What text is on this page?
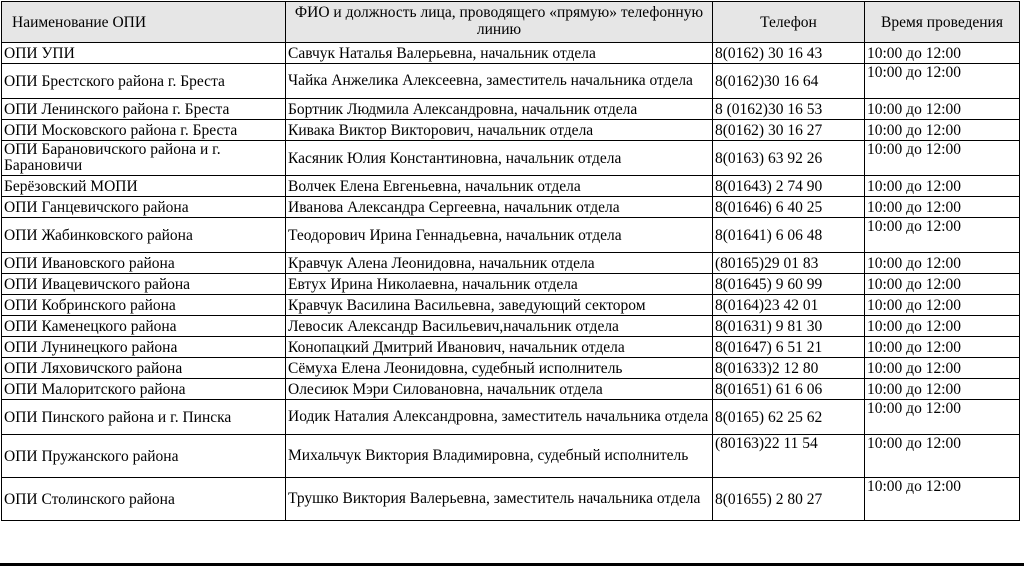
Наименование ОПИ	ФИО и должность лица, проводящего «прямую» телефонную линию	Телефон	Время проведения
ОПИ УПИ	Савчук Наталья Валерьевна, начальник отдела	8(0162) 30 16 43	10:00 до 12:00
ОПИ Брестского района г. Бреста	Чайка Анжелика Алексеевна, заместитель начальника отдела	8(0162)30 16 64	10:00 до 12:00
ОПИ Ленинского района г. Бреста	Бортник Людмила Александровна, начальник отдела	8 (0162)30 16 53	10:00 до 12:00
ОПИ Московского района г. Бреста	Кивака Виктор Викторович, начальник отдела	8(0162) 30 16 27	10:00 до 12:00
ОПИ Барановичского района и г. Барановичи	Касяник Юлия Константиновна, начальник отдела	8(0163) 63 92 26	10:00 до 12:00
Берёзовский МОПИ	Волчек Елена Евгеньевна, начальник отдела	8(01643) 2 74 90	10:00 до 12:00
ОПИ Ганцевичского района	Иванова Александра Сергеевна, начальник отдела	8(01646) 6 40 25	10:00 до 12:00
ОПИ Жабинковского района	Теодорович Ирина Геннадьевна, начальник отдела	8(01641) 6 06 48	10:00 до 12:00
ОПИ Ивановского района	Кравчук Алена Леонидовна, начальник отдела	(80165)29 01 83	10:00 до 12:00
ОПИ Ивацевичского района	Евтух Ирина Николаевна, начальник отдела	8(01645) 9 60 99	10:00 до 12:00
ОПИ Кобринского района	Кравчук Василина Васильевна, заведующий сектором	8(0164)23 42 01	10:00 до 12:00
ОПИ Каменецкого района	Левосик Александр Васильевич,начальник отдела	8(01631) 9 81 30	10:00 до 12:00
ОПИ Лунинецкого района	Конопацкий Дмитрий Иванович, начальник отдела	8(01647) 6 51 21	10:00 до 12:00
ОПИ Ляховичского района	Сёмуха Елена Леонидовна, судебный исполнитель	8(01633)2 12 80	10:00 до 12:00
ОПИ Малоритского района	Олесиюк Мэри Силовановна, начальник отдела	8(01651) 61 6 06	10:00 до 12:00
ОПИ Пинского района и г. Пинска	Иодик Наталия Александровна, заместитель начальника отдела	8(0165) 62 25 62	10:00 до 12:00
ОПИ Пружанского района	Михальчук Виктория Владимировна, судебный исполнитель	(80163)22 11 54	10:00 до 12:00
ОПИ Столинского района	Трушко Виктория Валерьевна, заместитель начальника отдела	8(01655) 2 80 27	10:00 до 12:00
